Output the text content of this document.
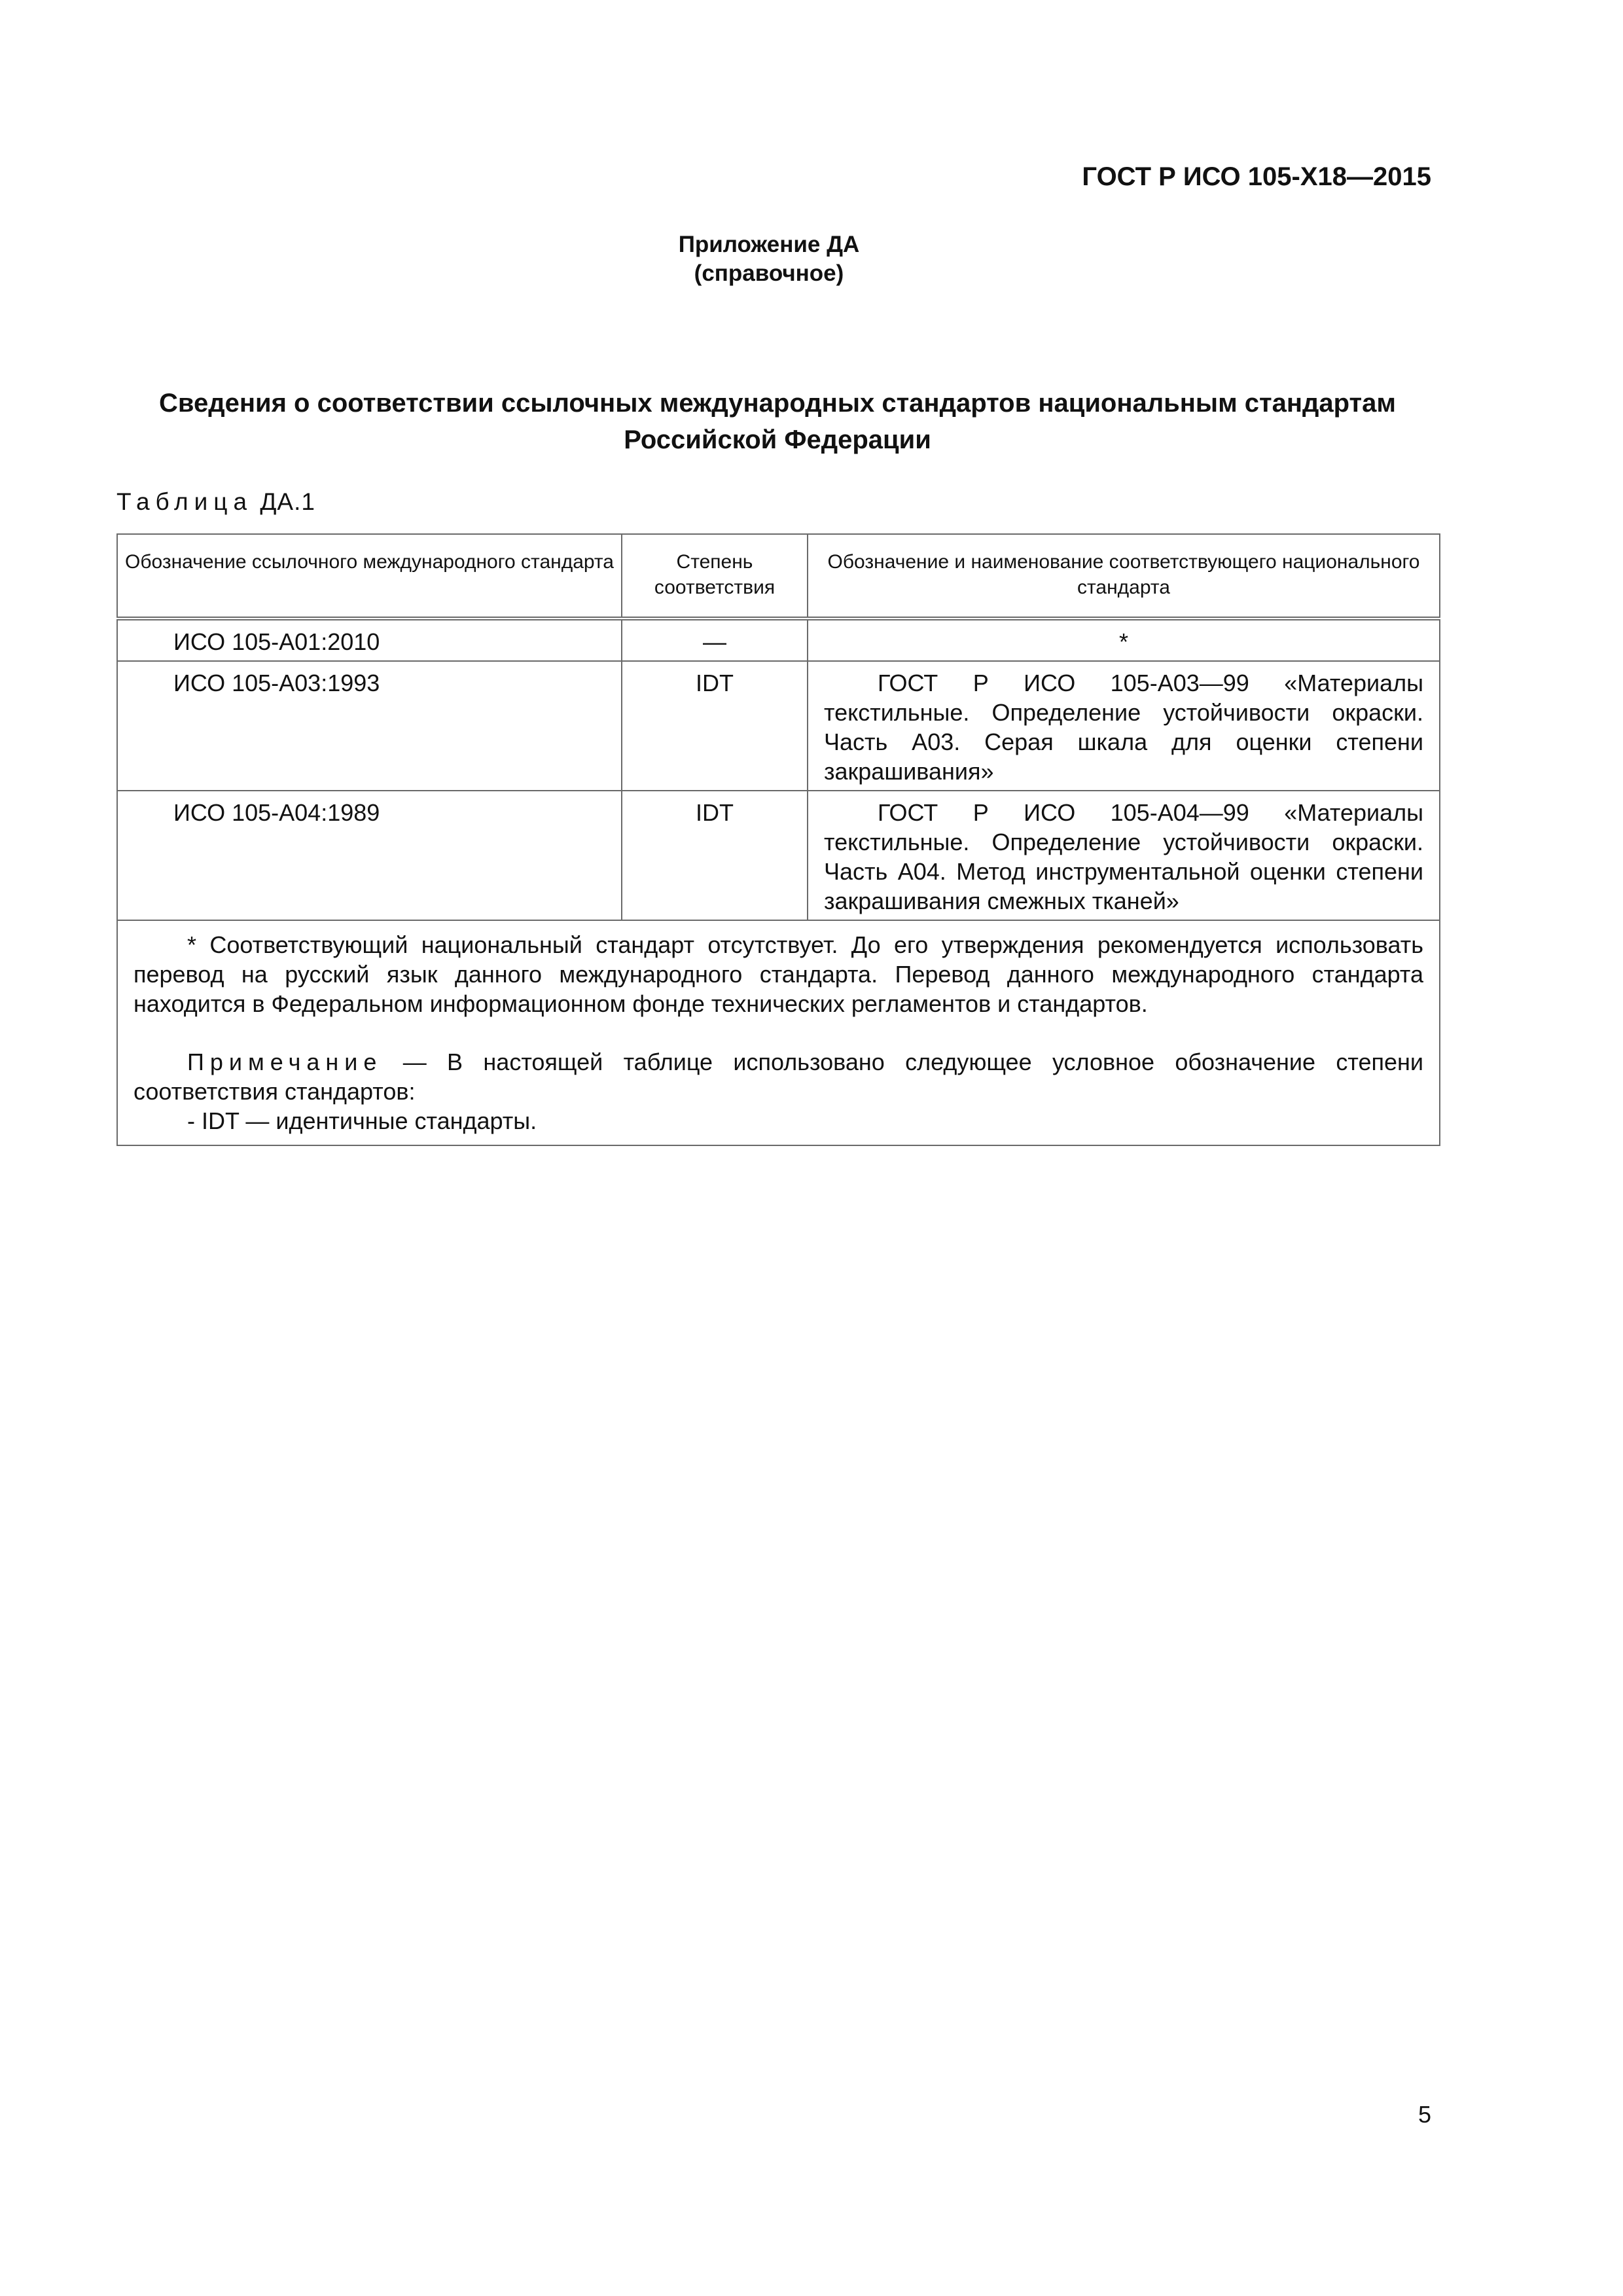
ГОСТ Р ИСО 105-X18—2015
Приложение ДА
(справочное)
Сведения о соответствии ссылочных международных стандартов национальным стандартам
Российской Федерации
Таблица ДА.1
Обозначение ссылочного международного стандарта	Степень соответствия	Обозначение и наименование соответствующего национального стандарта
ИСО 105-А01:2010	—	*
ИСО 105-А03:1993	IDT	ГОСТ Р ИСО 105-А03—99 «Материалы текстильные. Определение устойчивости окраски. Часть А03. Серая шкала для оценки степени закрашивания»
ИСО 105-А04:1989	IDT	ГОСТ Р ИСО 105-А04—99 «Материалы текстильные. Определение устойчивости окраски. Часть А04. Метод инструментальной оценки степени закрашивания смежных тканей»

* Соответствующий национальный стандарт отсутствует. До его утверждения рекомендуется использовать перевод на русский язык данного международного стандарта. Перевод данного международного стандарта находится в Федеральном информационном фонде технических регламентов и стандартов.

Примечание — В настоящей таблице использовано следующее условное обозначение степени соответствия стандартов:

- IDT — идентичные стандарты.		

5
